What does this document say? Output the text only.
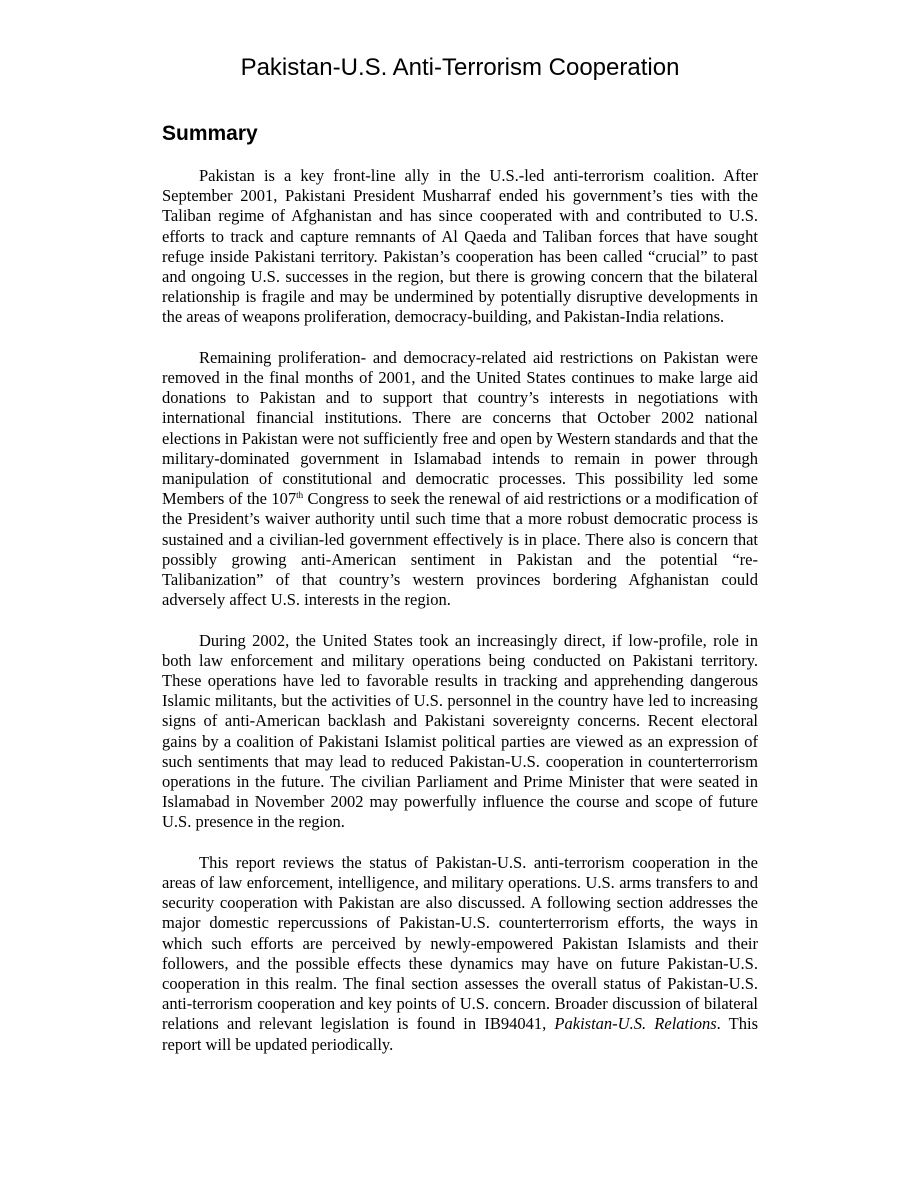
Pakistan-U.S. Anti-Terrorism Cooperation
Summary

Pakistan is a key front-line ally in the U.S.-led anti-terrorism coalition. After September 2001, Pakistani President Musharraf ended his government’s ties with the Taliban regime of Afghanistan and has since cooperated with and contributed to U.S. efforts to track and capture remnants of Al Qaeda and Taliban forces that have sought refuge inside Pakistani territory. Pakistan’s cooperation has been called “crucial” to past and ongoing U.S. successes in the region, but there is growing concern that the bilateral relationship is fragile and may be undermined by potentially disruptive developments in the areas of weapons proliferation, democracy-building, and Pakistan-India relations.

Remaining proliferation- and democracy-related aid restrictions on Pakistan were removed in the final months of 2001, and the United States continues to make large aid donations to Pakistan and to support that country’s interests in negotiations with international financial institutions. There are concerns that October 2002 national elections in Pakistan were not sufficiently free and open by Western standards and that the military-dominated government in Islamabad intends to remain in power through manipulation of constitutional and democratic processes. This possibility led some Members of the 107th Congress to seek the renewal of aid restrictions or a modification of the President’s waiver authority until such time that a more robust democratic process is sustained and a civilian-led government effectively is in place. There also is concern that possibly growing anti-American sentiment in Pakistan and the potential “re-Talibanization” of that country’s western provinces bordering Afghanistan could adversely affect U.S. interests in the region.

During 2002, the United States took an increasingly direct, if low-profile, role in both law enforcement and military operations being conducted on Pakistani territory. These operations have led to favorable results in tracking and apprehending dangerous Islamic militants, but the activities of U.S. personnel in the country have led to increasing signs of anti-American backlash and Pakistani sovereignty concerns. Recent electoral gains by a coalition of Pakistani Islamist political parties are viewed as an expression of such sentiments that may lead to reduced Pakistan-U.S. cooperation in counterterrorism operations in the future. The civilian Parliament and Prime Minister that were seated in Islamabad in November 2002 may powerfully influence the course and scope of future U.S. presence in the region.

This report reviews the status of Pakistan-U.S. anti-terrorism cooperation in the areas of law enforcement, intelligence, and military operations. U.S. arms transfers to and security cooperation with Pakistan are also discussed. A following section addresses the major domestic repercussions of Pakistan-U.S. counterterrorism efforts, the ways in which such efforts are perceived by newly-empowered Pakistan Islamists and their followers, and the possible effects these dynamics may have on future Pakistan-U.S. cooperation in this realm. The final section assesses the overall status of Pakistan-U.S. anti-terrorism cooperation and key points of U.S. concern. Broader discussion of bilateral relations and relevant legislation is found in IB94041, Pakistan-U.S. Relations. This report will be updated periodically.
